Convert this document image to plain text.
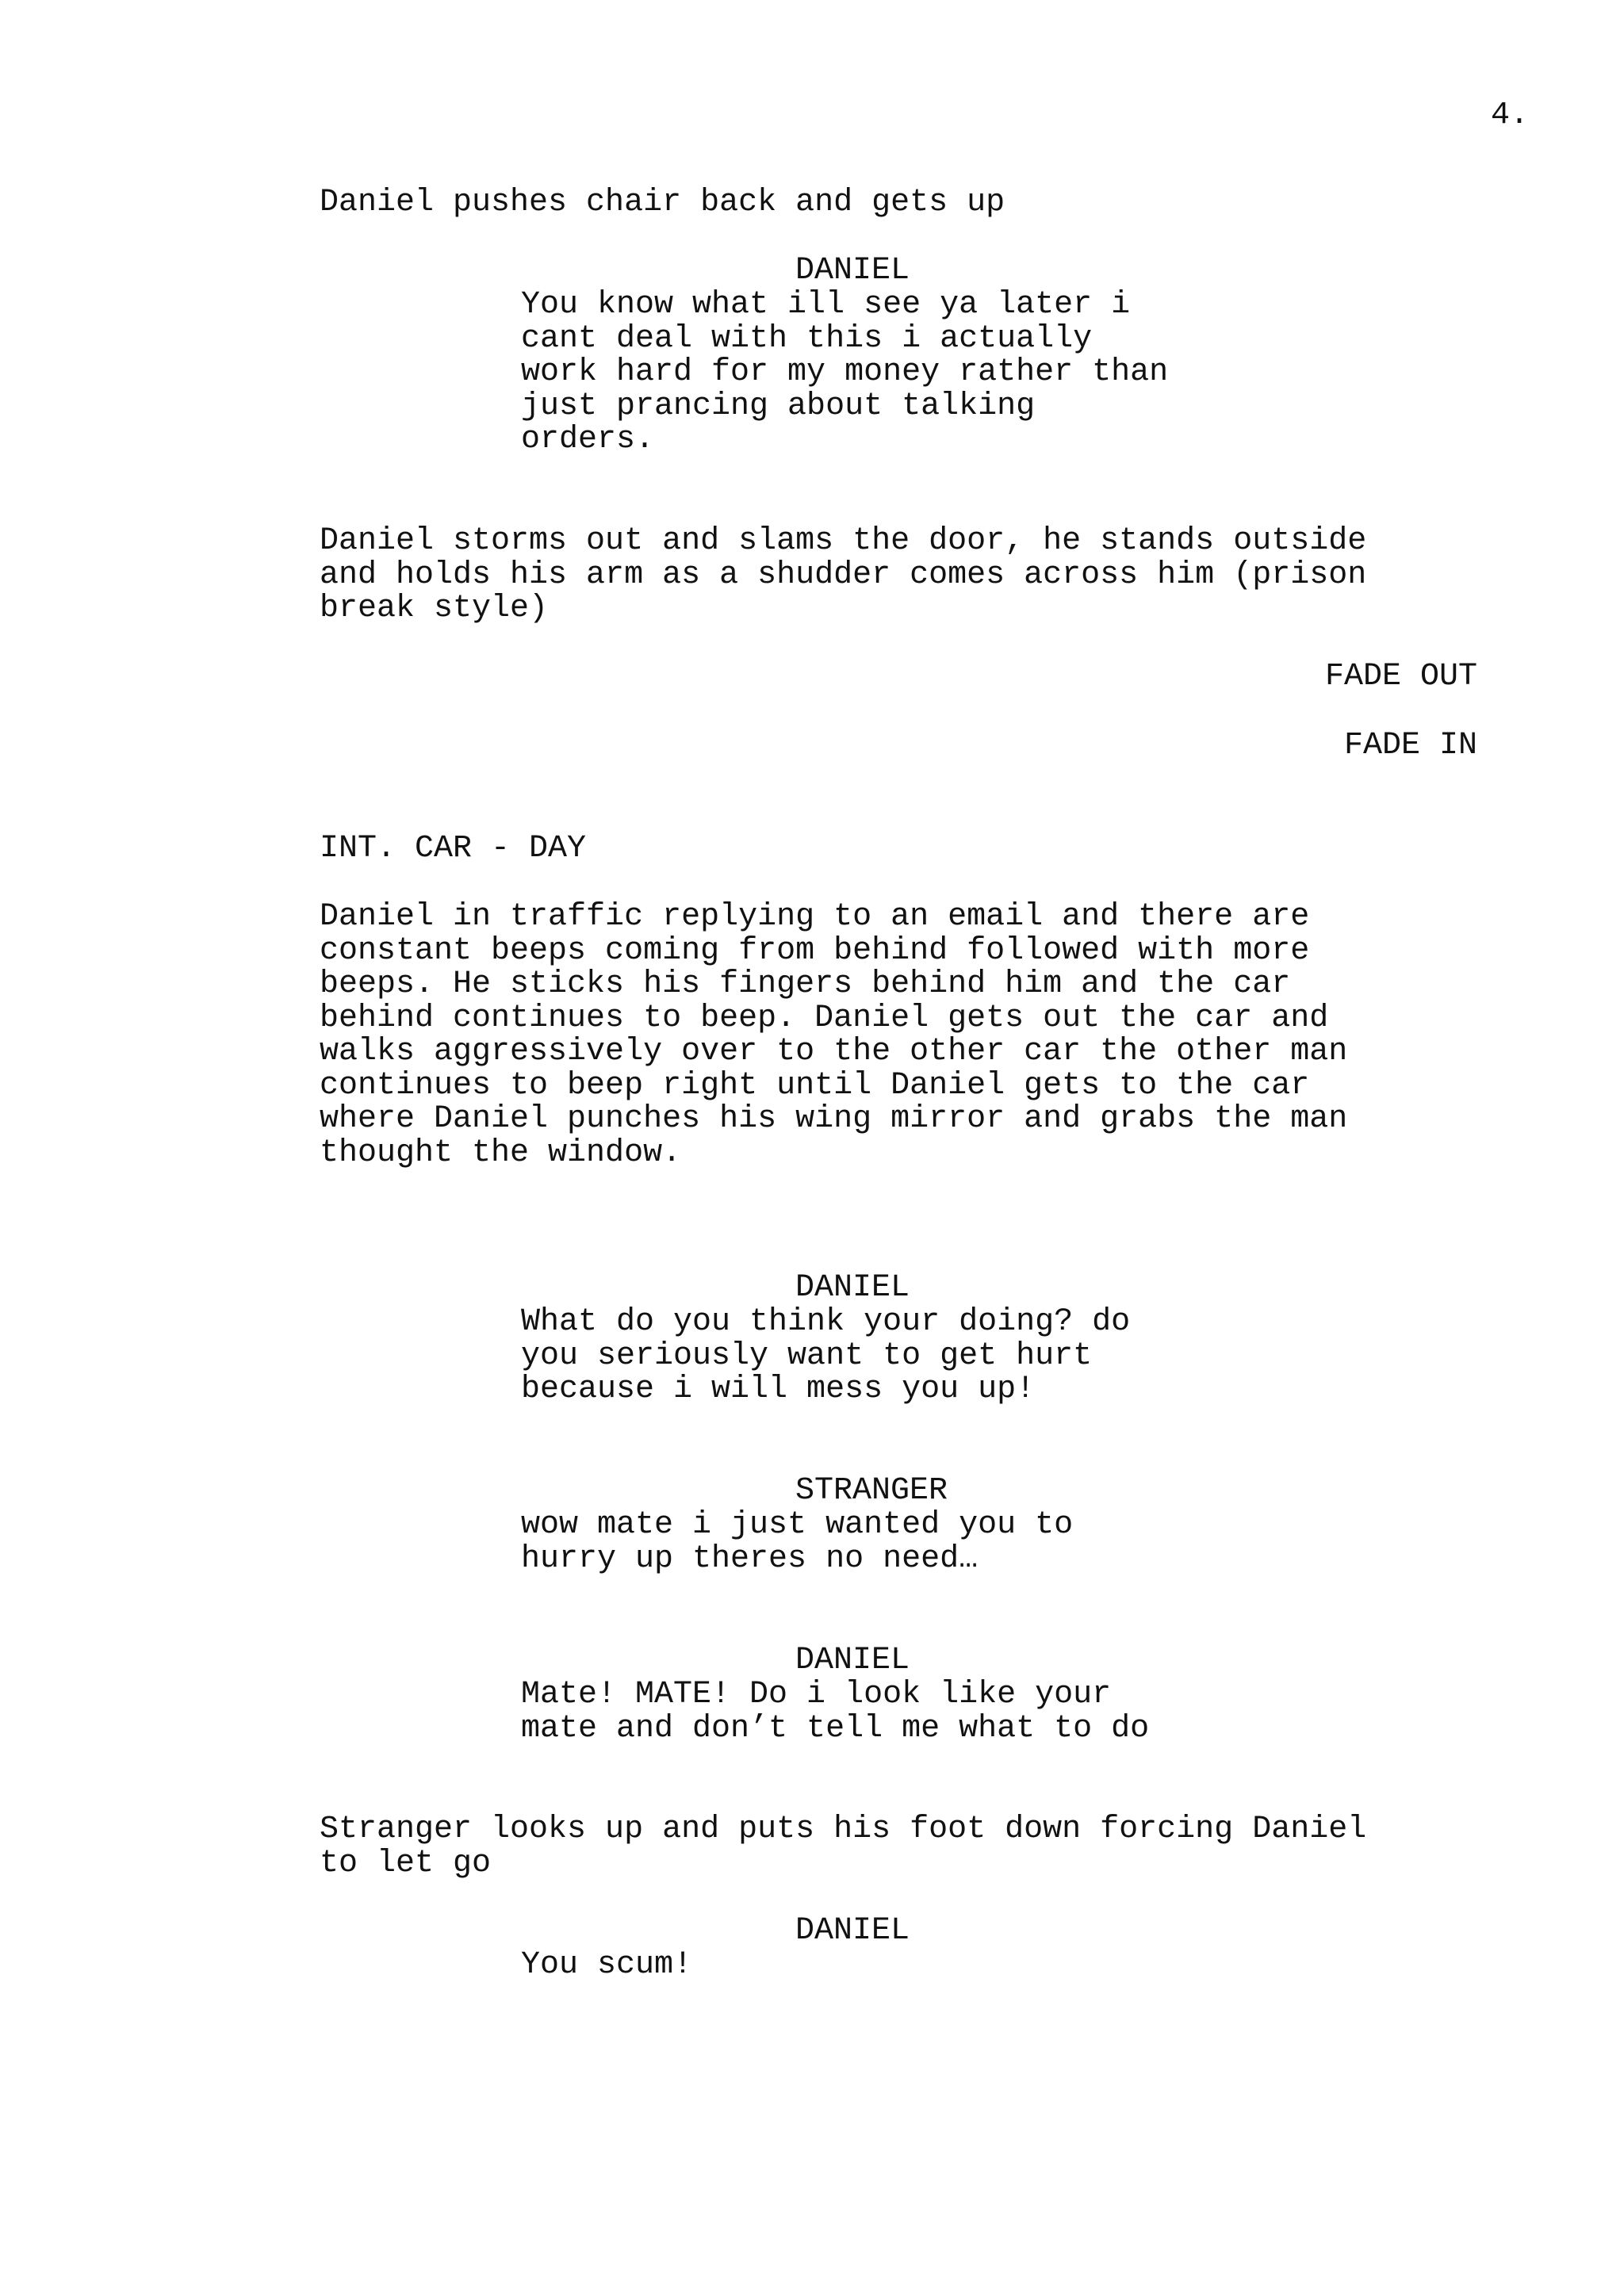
4.
Daniel pushes chair back and gets up
DANIEL
You know what ill see ya later i
cant deal with this i actually
work hard for my money rather than
just prancing about talking
orders.
Daniel storms out and slams the door, he stands outside
and holds his arm as a shudder comes across him (prison
break style)
FADE OUT
FADE IN
INT. CAR - DAY
Daniel in traffic replying to an email and there are
constant beeps coming from behind followed with more
beeps. He sticks his fingers behind him and the car
behind continues to beep. Daniel gets out the car and
walks aggressively over to the other car the other man
continues to beep right until Daniel gets to the car
where Daniel punches his wing mirror and grabs the man
thought the window.
DANIEL
What do you think your doing? do
you seriously want to get hurt
because i will mess you up!
STRANGER
wow mate i just wanted you to
hurry up theres no need…
DANIEL
Mate! MATE! Do i look like your
mate and don’t tell me what to do
Stranger looks up and puts his foot down forcing Daniel
to let go
DANIEL
You scum!
